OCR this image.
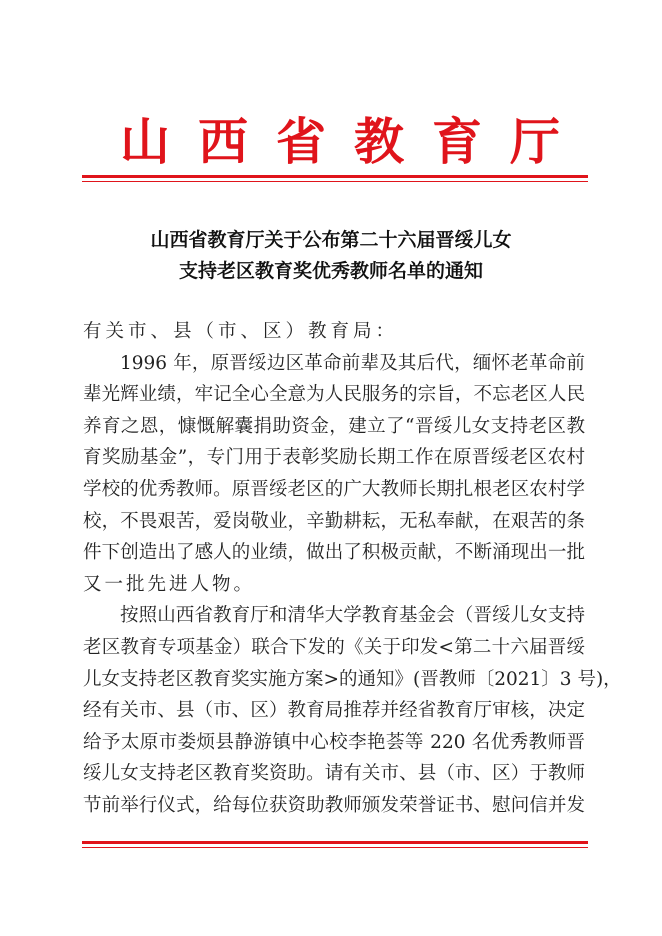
山 西 省 教 育 厅
山西省教育厅关于公布第二十六届晋绥儿女
支持老区教育奖优秀教师名单的通知
有关市、县（市、区）教育局：
1996 年，原晋绥边区革命前辈及其后代，缅怀老革命前
辈光辉业绩，牢记全心全意为人民服务的宗旨，不忘老区人民
养育之恩，慷慨解囊捐助资金，建立了“晋绥儿女支持老区教
育奖励基金”，专门用于表彰奖励长期工作在原晋绥老区农村
学校的优秀教师。原晋绥老区的广大教师长期扎根老区农村学
校，不畏艰苦，爱岗敬业，辛勤耕耘，无私奉献，在艰苦的条
件下创造出了感人的业绩，做出了积极贡献，不断涌现出一批
又一批先进人物。
按照山西省教育厅和清华大学教育基金会（晋绥儿女支持
老区教育专项基金）联合下发的《关于印发<第二十六届晋绥
儿女支持老区教育奖实施方案>的通知》(晋教师〔2021〕3 号)，
经有关市、县（市、区）教育局推荐并经省教育厅审核，决定
给予太原市娄烦县静游镇中心校李艳荟等 220 名优秀教师晋
绥儿女支持老区教育奖资助。请有关市、县（市、区）于教师
节前举行仪式，给每位获资助教师颁发荣誉证书、慰问信并发
